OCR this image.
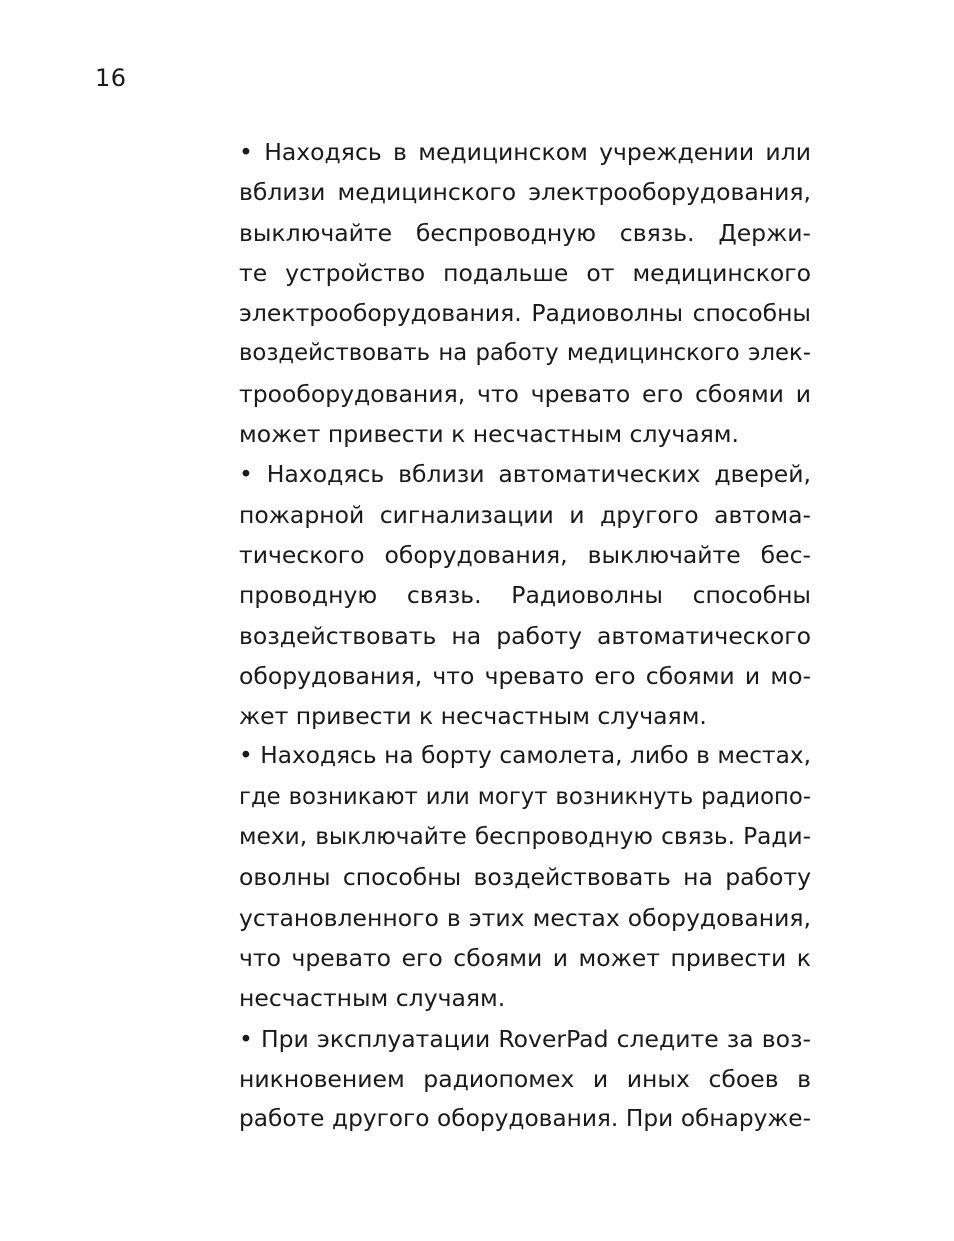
16
• Находясь в медицинском учреждении или
вблизи медицинского электрооборудования,
выключайте беспроводную связь. Держи-
те устройство подальше от медицинского
электрооборудования. Радиоволны способны
воздействовать на работу медицинского элек-
трооборудования, что чревато его сбоями и
может привести к несчастным случаям.
• Находясь вблизи автоматических дверей,
пожарной сигнализации и другого автома-
тического оборудования, выключайте бес-
проводную связь. Радиоволны способны
воздействовать на работу автоматического
оборудования, что чревато его сбоями и мо-
жет привести к несчастным случаям.
• Находясь на борту самолета, либо в местах,
где возникают или могут возникнуть радиопо-
мехи, выключайте беспроводную связь. Ради-
оволны способны воздействовать на работу
установленного в этих местах оборудования,
что чревато его сбоями и может привести к
несчастным случаям.
• При эксплуатации RoverPad следите за воз-
никновением радиопомех и иных сбоев в
работе другого оборудования. При обнаруже-
